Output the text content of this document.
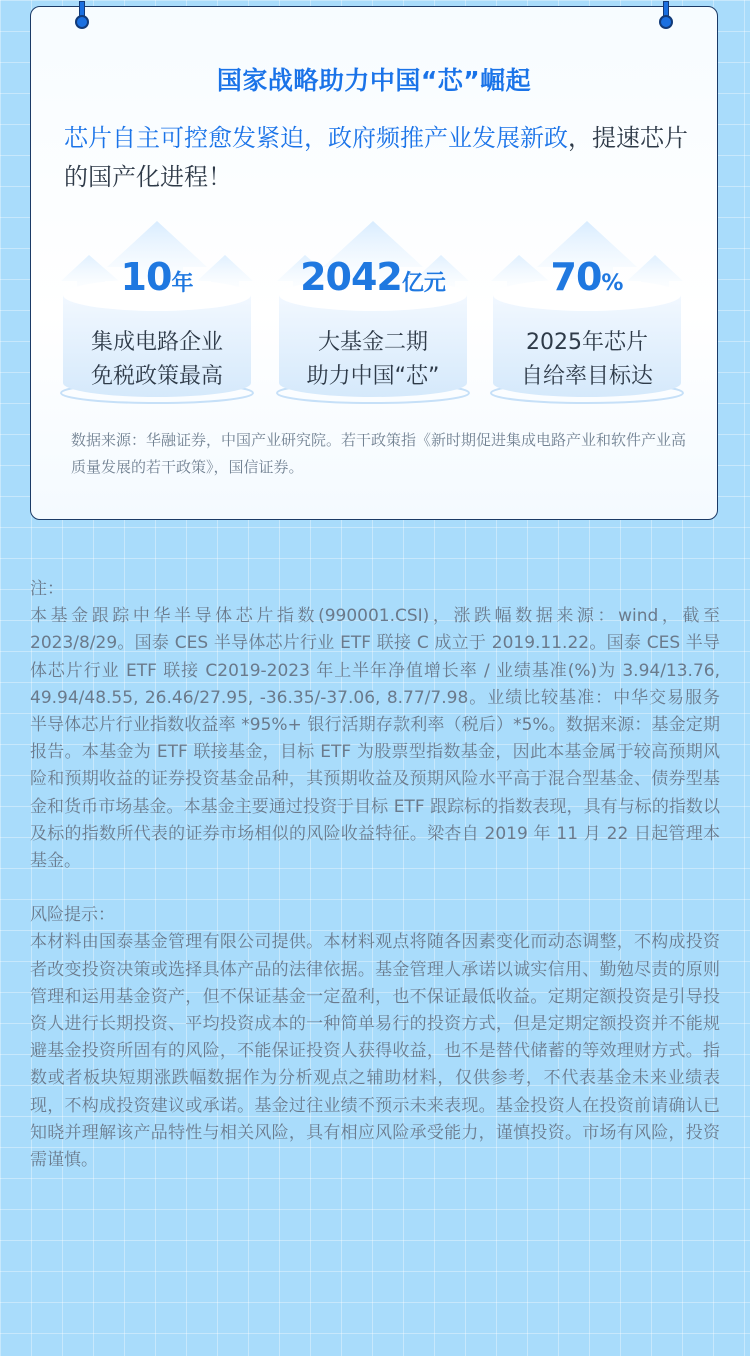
国家战略助力中国“芯”崛起
芯片自主可控愈发紧迫，政府频推产业发展新政，提速芯片的国产化进程！
10年
集成电路企业
免税政策最高
2042亿元
大基金二期
助力中国“芯”
70%
2025年芯片
自给率目标达
数据来源：华融证券，中国产业研究院。若干政策指《新时期促进集成电路产业和软件产业高质量发展的若干政策》，国信证券。

注：

本基金跟踪中华半导体芯片指数(990001.CSI)，涨跌幅数据来源：wind，截至2023/8/29。国泰 CES 半导体芯片行业 ETF 联接 C 成立于 2019.11.22。国泰 CES 半导体芯片行业 ETF 联接 C2019-2023 年上半年净值增长率 / 业绩基准(%)为 3.94/13.76, 49.94/48.55, 26.46/27.95, -36.35/-37.06, 8.77/7.98。业绩比较基准：中华交易服务半导体芯片行业指数收益率 *95%+ 银行活期存款利率（税后）*5%。数据来源：基金定期报告。本基金为 ETF 联接基金，目标 ETF 为股票型指数基金，因此本基金属于较高预期风险和预期收益的证券投资基金品种，其预期收益及预期风险水平高于混合型基金、债券型基金和货币市场基金。本基金主要通过投资于目标 ETF 跟踪标的指数表现，具有与标的指数以及标的指数所代表的证券市场相似的风险收益特征。梁杏自 2019 年 11 月 22 日起管理本基金。

风险提示：

本材料由国泰基金管理有限公司提供。本材料观点将随各因素变化而动态调整，不构成投资者改变投资决策或选择具体产品的法律依据。基金管理人承诺以诚实信用、勤勉尽责的原则管理和运用基金资产，但不保证基金一定盈利，也不保证最低收益。定期定额投资是引导投资人进行长期投资、平均投资成本的一种简单易行的投资方式，但是定期定额投资并不能规避基金投资所固有的风险，不能保证投资人获得收益，也不是替代储蓄的等效理财方式。指数或者板块短期涨跌幅数据作为分析观点之辅助材料，仅供参考，不代表基金未来业绩表现，不构成投资建议或承诺。基金过往业绩不预示未来表现。基金投资人在投资前请确认已知晓并理解该产品特性与相关风险，具有相应风险承受能力，谨慎投资。市场有风险，投资需谨慎。
